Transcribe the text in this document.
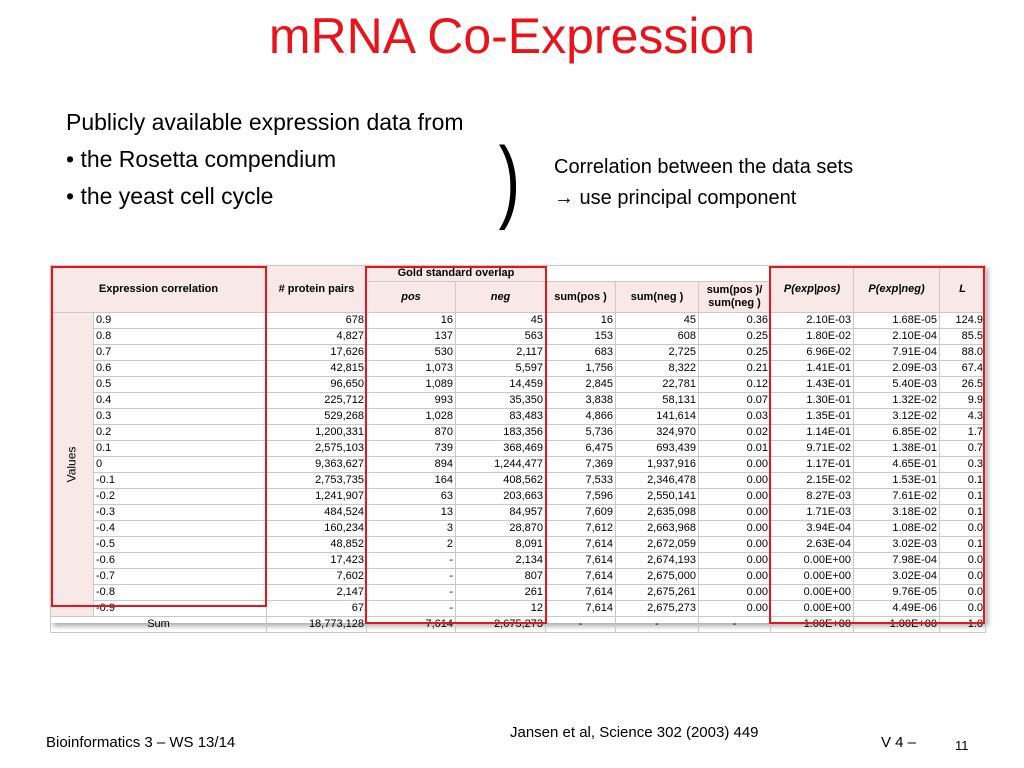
mRNA Co-Expression
Publicly available expression data from
• the Rosetta compendium
• the yeast cell cycle	) Correlation between the data sets
→ use principal component
Expression correlation		# protein pairs	Gold standard overlap					P(exp|pos)	P(exp|neg)	L
			pos	neg	sum(pos )	sum(neg )	sum(pos )/
sum(neg )			

Values	0.9	678	16	45	16	45	0.36	2.10E-03	1.68E-05	124.9
	0.8	4,827	137	563	153	608	0.25	1.80E-02	2.10E-04	85.5
	0.7	17,626	530	2,117	683	2,725	0.25	6.96E-02	7.91E-04	88.0
	0.6	42,815	1,073	5,597	1,756	8,322	0.21	1.41E-01	2.09E-03	67.4
	0.5	96,650	1,089	14,459	2,845	22,781	0.12	1.43E-01	5.40E-03	26.5
	0.4	225,712	993	35,350	3,838	58,131	0.07	1.30E-01	1.32E-02	9.9
	0.3	529,268	1,028	83,483	4,866	141,614	0.03	1.35E-01	3.12E-02	4.3
	0.2	1,200,331	870	183,356	5,736	324,970	0.02	1.14E-01	6.85E-02	1.7
	0.1	2,575,103	739	368,469	6,475	693,439	0.01	9.71E-02	1.38E-01	0.7
	0	9,363,627	894	1,244,477	7,369	1,937,916	0.00	1.17E-01	4.65E-01	0.3
	-0.1	2,753,735	164	408,562	7,533	2,346,478	0.00	2.15E-02	1.53E-01	0.1
	-0.2	1,241,907	63	203,663	7,596	2,550,141	0.00	8.27E-03	7.61E-02	0.1
	-0.3	484,524	13	84,957	7,609	2,635,098	0.00	1.71E-03	3.18E-02	0.1
	-0.4	160,234	3	28,870	7,612	2,663,968	0.00	3.94E-04	1.08E-02	0.0
	-0.5	48,852	2	8,091	7,614	2,672,059	0.00	2.63E-04	3.02E-03	0.1
	-0.6	17,423	-	2,134	7,614	2,674,193	0.00	0.00E+00	7.98E-04	0.0
	-0.7	7,602	-	807	7,614	2,675,000	0.00	0.00E+00	3.02E-04	0.0
	-0.8	2,147	-	261	7,614	2,675,261	0.00	0.00E+00	9.76E-05	0.0
	-0.9	67	-	12	7,614	2,675,273	0.00	0.00E+00	4.49E-06	0.0
Sum		18,773,128	7,614	2,675,273	-	-	-	1.00E+00	1.00E+00	1.0
Bioinformatics 3 – WS 13/14
Jansen et al, Science 302 (2003) 449
V 4 –	11
